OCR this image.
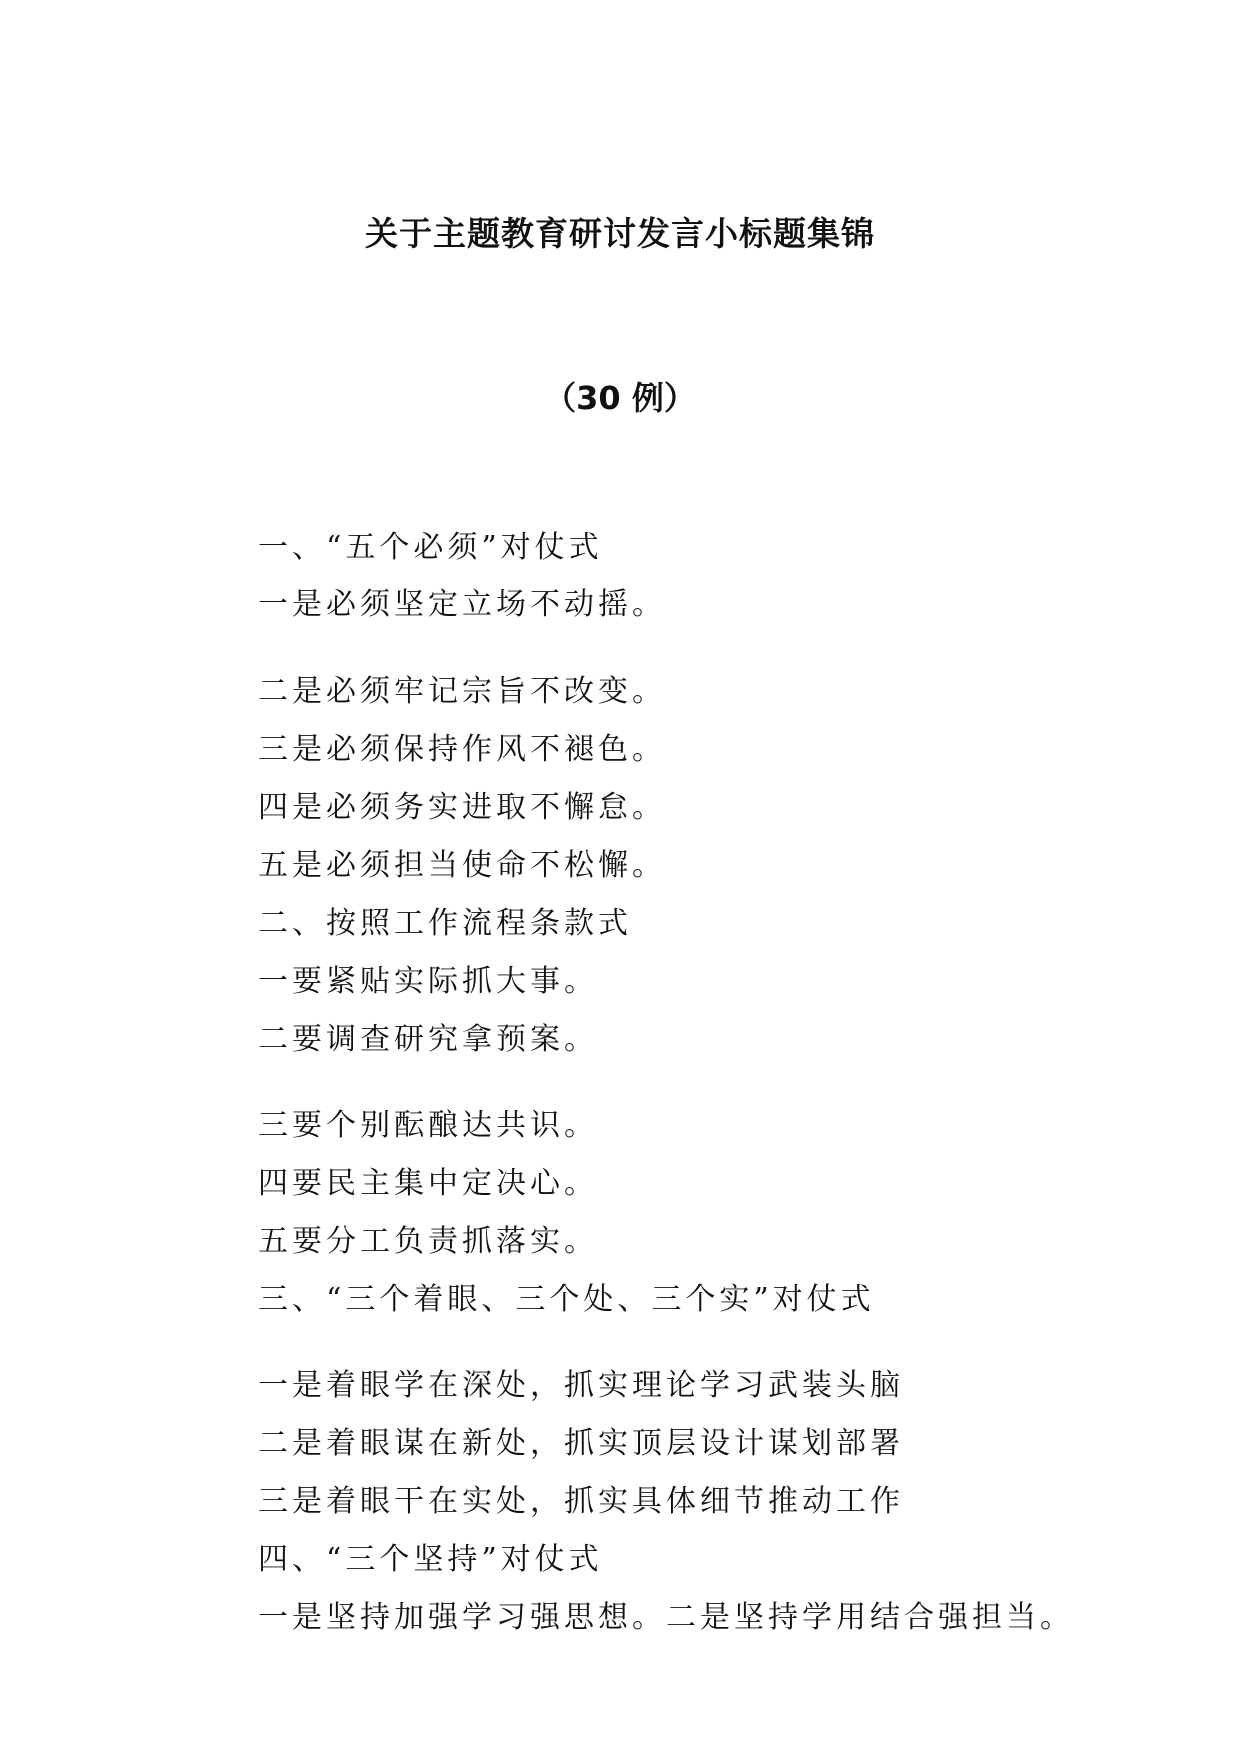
关于主题教育研讨发言小标题集锦
（30 例）
一、“五个必须”对仗式
一是必须坚定立场不动摇。
二是必须牢记宗旨不改变。
三是必须保持作风不褪色。
四是必须务实进取不懈怠。
五是必须担当使命不松懈。
二、按照工作流程条款式
一要紧贴实际抓大事。
二要调查研究拿预案。
三要个别酝酿达共识。
四要民主集中定决心。
五要分工负责抓落实。
三、“三个着眼、三个处、三个实”对仗式
一是着眼学在深处，抓实理论学习武装头脑
二是着眼谋在新处，抓实顶层设计谋划部署
三是着眼干在实处，抓实具体细节推动工作
四、“三个坚持”对仗式
一是坚持加强学习强思想。二是坚持学用结合强担当。
